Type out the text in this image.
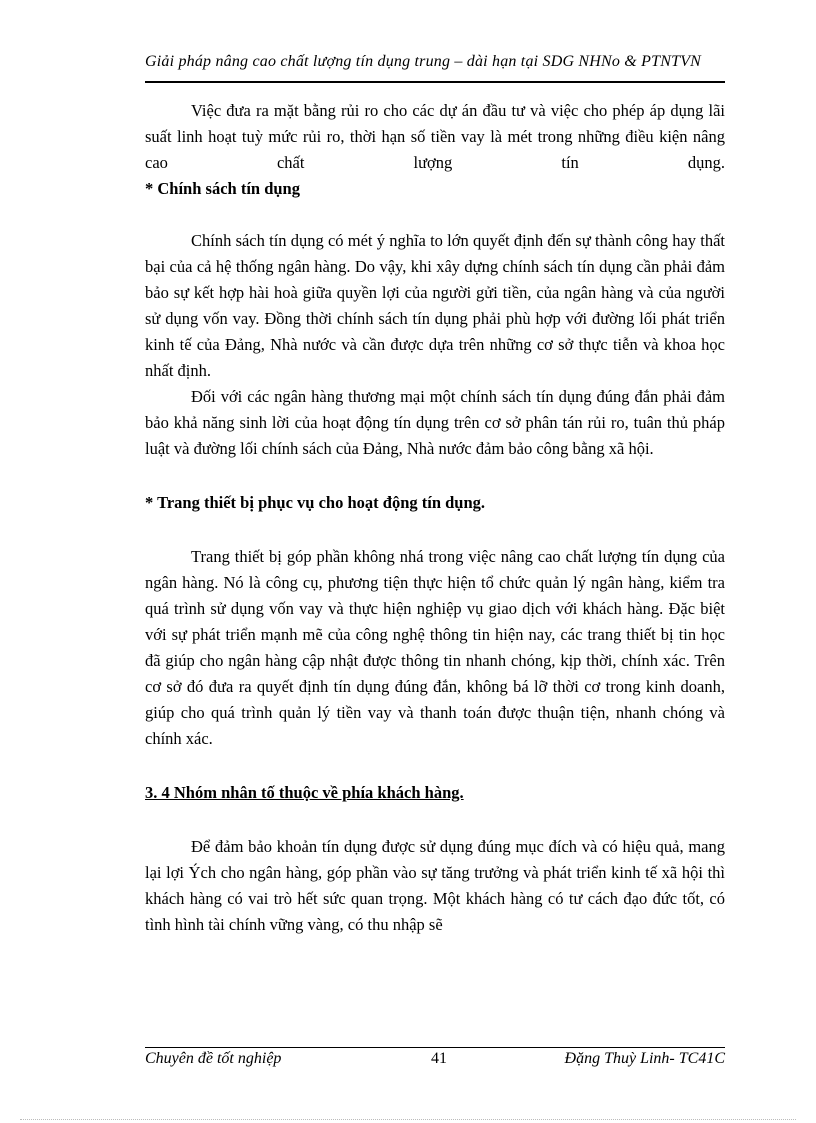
Giải pháp nâng cao chất lượng tín dụng trung – dài hạn tại SDG NHNo & PTNTVN

Việc đưa ra mặt bằng rủi ro cho các dự án đầu tư và việc cho phép áp dụng lãi suất linh hoạt tuỳ mức rủi ro, thời hạn số tiền vay là mét trong những điều kiện nâng cao chất lượng tín dụng.

* Chính sách tín dụng

Chính sách tín dụng có mét ý nghĩa to lớn quyết định đến sự thành công hay thất bại của cả hệ thống ngân hàng. Do vậy, khi xây dựng chính sách tín dụng cần phải đảm bảo sự kết hợp hài hoà giữa quyền lợi của người gửi tiền, của ngân hàng và của người sử dụng vốn vay. Đồng thời chính sách tín dụng phải phù hợp với đường lối phát triển kinh tế của Đảng, Nhà nước và cần được dựa trên những cơ sở thực tiễn và khoa học nhất định.

Đối với các ngân hàng thương mại một chính sách tín dụng đúng đắn phải đảm bảo khả năng sinh lời của hoạt động tín dụng trên cơ sở phân tán rủi ro, tuân thủ pháp luật và đường lối chính sách của Đảng, Nhà nước đảm bảo công bằng xã hội.

* Trang thiết bị phục vụ cho hoạt động tín dụng.

Trang thiết bị góp phần không nhá trong việc nâng cao chất lượng tín dụng của ngân hàng. Nó là công cụ, phương tiện thực hiện tổ chức quản lý ngân hàng, kiểm tra quá trình sử dụng vốn vay và thực hiện nghiệp vụ giao dịch với khách hàng. Đặc biệt với sự phát triển mạnh mẽ của công nghệ thông tin hiện nay, các trang thiết bị tin học đã giúp cho ngân hàng cập nhật được thông tin nhanh chóng, kịp thời, chính xác. Trên cơ sở đó đưa ra quyết định tín dụng đúng đắn, không bá lỡ thời cơ trong kinh doanh, giúp cho quá trình quản lý tiền vay và thanh toán được thuận tiện, nhanh chóng và chính xác.

3. 4 Nhóm nhân tố thuộc về phía khách hàng.

Để đảm bảo khoản tín dụng được sử dụng đúng mục đích và có hiệu quả, mang lại lợi Ých cho ngân hàng, góp phần vào sự tăng trưởng và phát triển kinh tế xã hội thì khách hàng có vai trò hết sức quan trọng. Một khách hàng có tư cách đạo đức tốt, có tình hình tài chính vững vàng, có thu nhập sẽ

Chuyên đề tốt nghiệp	41	Đặng Thuỳ Linh- TC41C
